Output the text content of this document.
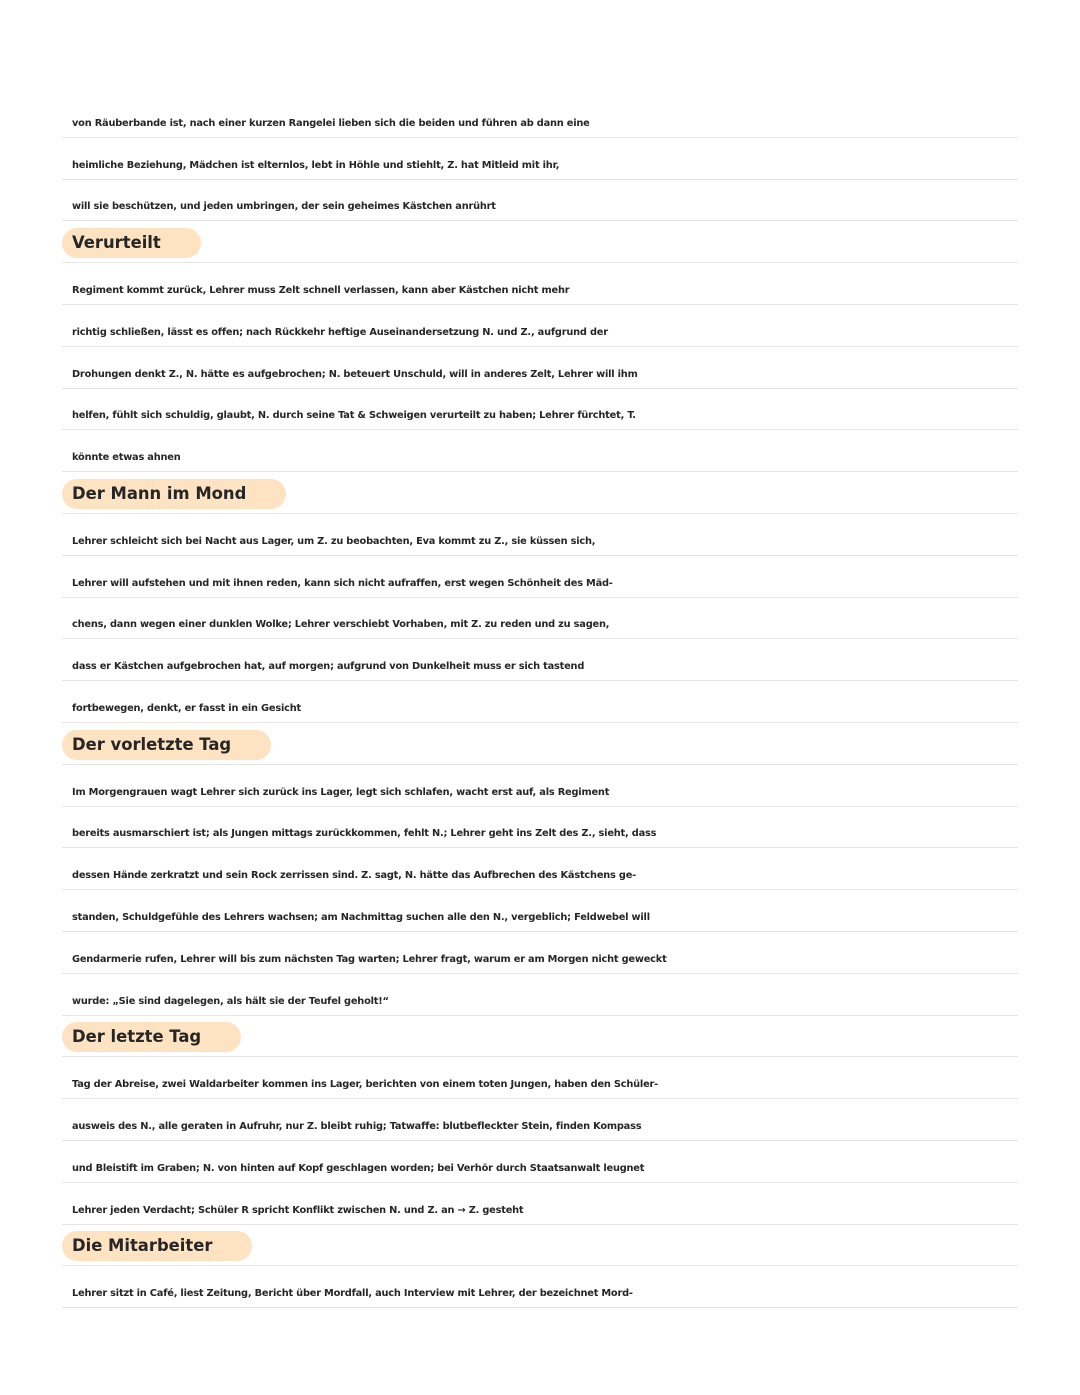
von Räuberbande ist, nach einer kurzen Rangelei lieben sich die beiden und führen ab dann eine
heimliche Beziehung, Mädchen ist elternlos, lebt in Höhle und stiehlt, Z. hat Mitleid mit ihr,
will sie beschützen, und jeden umbringen, der sein geheimes Kästchen anrührt
Verurteilt
Regiment kommt zurück, Lehrer muss Zelt schnell verlassen, kann aber Kästchen nicht mehr
richtig schließen, lässt es offen; nach Rückkehr heftige Auseinandersetzung N. und Z., aufgrund der
Drohungen denkt Z., N. hätte es aufgebrochen; N. beteuert Unschuld, will in anderes Zelt, Lehrer will ihm
helfen, fühlt sich schuldig, glaubt, N. durch seine Tat & Schweigen verurteilt zu haben; Lehrer fürchtet, T.
könnte etwas ahnen
Der Mann im Mond
Lehrer schleicht sich bei Nacht aus Lager, um Z. zu beobachten, Eva kommt zu Z., sie küssen sich,
Lehrer will aufstehen und mit ihnen reden, kann sich nicht aufraffen, erst wegen Schönheit des Mäd-
chens, dann wegen einer dunklen Wolke; Lehrer verschiebt Vorhaben, mit Z. zu reden und zu sagen,
dass er Kästchen aufgebrochen hat, auf morgen; aufgrund von Dunkelheit muss er sich tastend
fortbewegen, denkt, er fasst in ein Gesicht
Der vorletzte Tag
Im Morgengrauen wagt Lehrer sich zurück ins Lager, legt sich schlafen, wacht erst auf, als Regiment
bereits ausmarschiert ist; als Jungen mittags zurückkommen, fehlt N.; Lehrer geht ins Zelt des Z., sieht, dass
dessen Hände zerkratzt und sein Rock zerrissen sind. Z. sagt, N. hätte das Aufbrechen des Kästchens ge-
standen, Schuldgefühle des Lehrers wachsen; am Nachmittag suchen alle den N., vergeblich; Feldwebel will
Gendarmerie rufen, Lehrer will bis zum nächsten Tag warten; Lehrer fragt, warum er am Morgen nicht geweckt
wurde: „Sie sind dagelegen, als hält sie der Teufel geholt!“
Der letzte Tag
Tag der Abreise, zwei Waldarbeiter kommen ins Lager, berichten von einem toten Jungen, haben den Schüler-
ausweis des N., alle geraten in Aufruhr, nur Z. bleibt ruhig; Tatwaffe: blutbefleckter Stein, finden Kompass
und Bleistift im Graben; N. von hinten auf Kopf geschlagen worden; bei Verhör durch Staatsanwalt leugnet
Lehrer jeden Verdacht; Schüler R spricht Konflikt zwischen N. und Z. an → Z. gesteht
Die Mitarbeiter
Lehrer sitzt in Café, liest Zeitung, Bericht über Mordfall, auch Interview mit Lehrer, der bezeichnet Mord-
